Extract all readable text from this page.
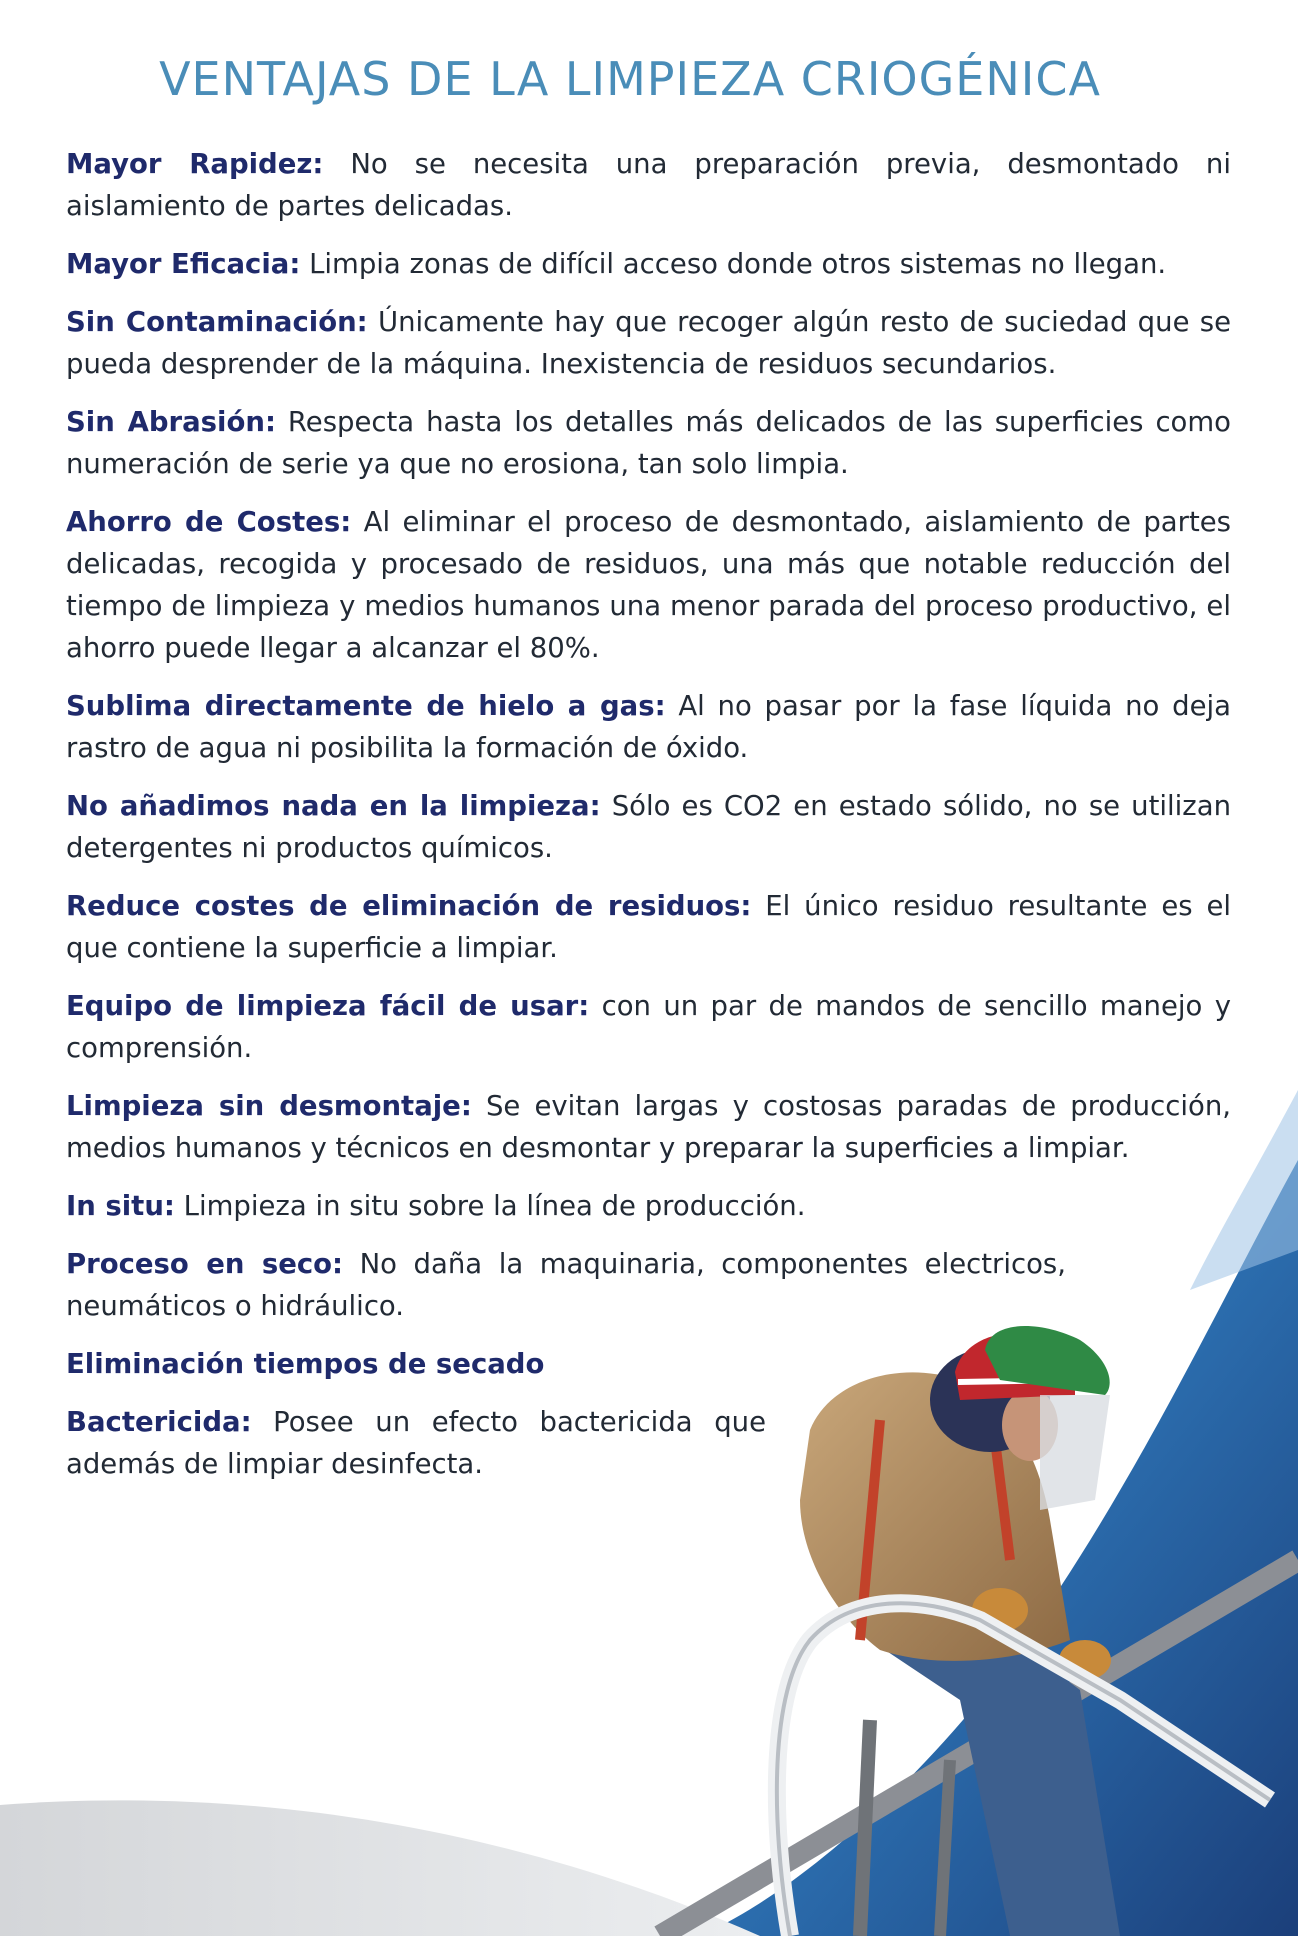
VENTAJAS DE LA LIMPIEZA CRIOGÉNICA

Mayor Rapidez: No se necesita una preparación previa, desmontado ni aislamiento de partes delicadas.

Mayor Eficacia: Limpia zonas de difícil acceso donde otros sistemas no llegan.

Sin Contaminación: Únicamente hay que recoger algún resto de suciedad que se pueda desprender de la máquina. Inexistencia de residuos secundarios.

Sin Abrasión: Respecta hasta los detalles más delicados de las superficies como numeración de serie ya que no erosiona, tan solo limpia.

Ahorro de Costes: Al eliminar el proceso de desmontado, aislamiento de partes delicadas, recogida y procesado de residuos, una más que notable reducción del tiempo de limpieza y medios humanos una menor parada del proceso productivo, el ahorro puede llegar a alcanzar el 80%.

Sublima directamente de hielo a gas: Al no pasar por la fase líquida no deja rastro de agua ni posibilita la formación de óxido.

No añadimos nada en la limpieza: Sólo es CO2 en estado sólido, no se utilizan detergentes ni productos químicos.

Reduce costes de eliminación de residuos: El único residuo resultante es el que contiene la superficie a limpiar.

Equipo de limpieza fácil de usar: con un par de mandos de sencillo manejo y comprensión.

Limpieza sin desmontaje: Se evitan largas y costosas paradas de producción, medios humanos y técnicos en desmontar y preparar la superficies a limpiar.

In situ: Limpieza in situ sobre la línea de producción.

Proceso en seco: No daña la maquinaria, componentes electricos, neumáticos o hidráulico.

Eliminación tiempos de secado

Bactericida: Posee un efecto bactericida que además de limpiar desinfecta.
